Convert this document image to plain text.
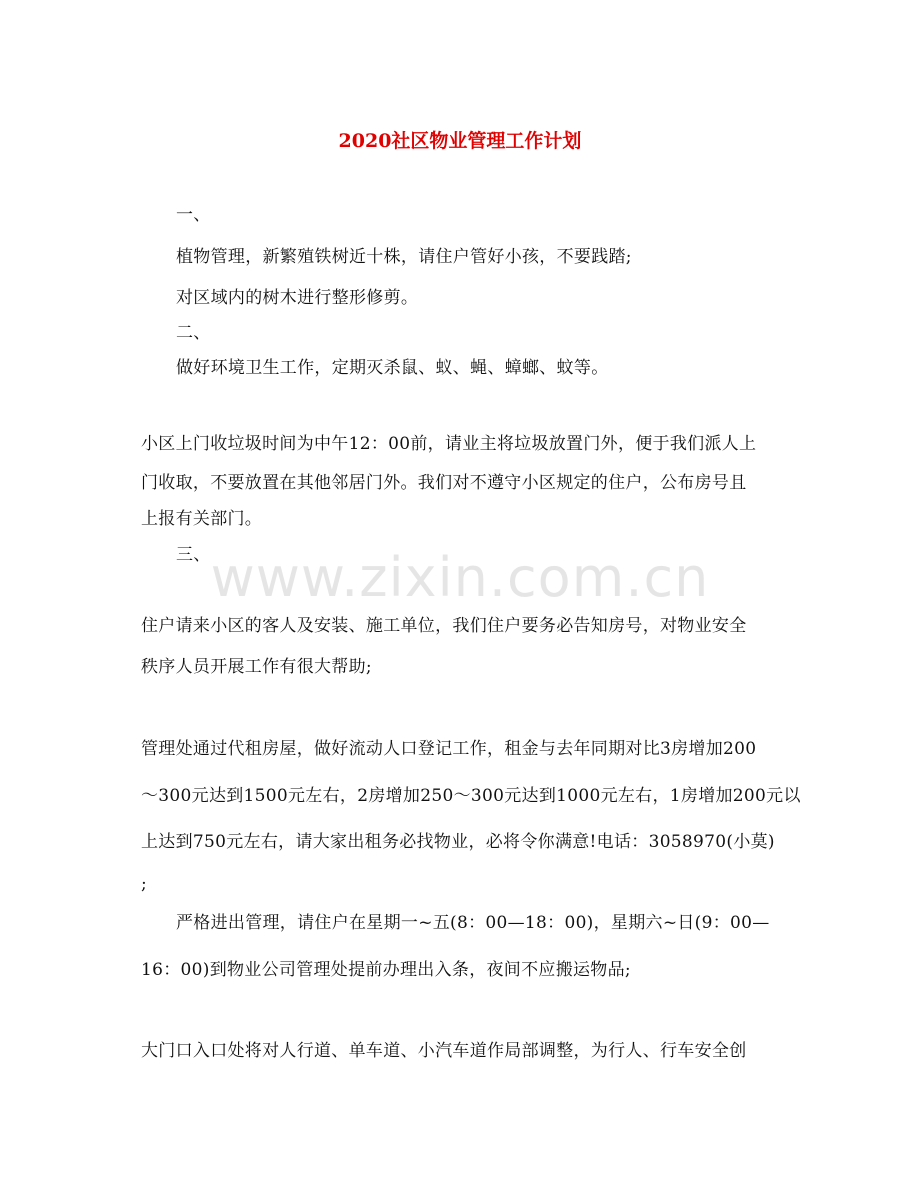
2020社区物业管理工作计划
一、
植物管理，新繁殖铁树近十株，请住户管好小孩，不要践踏;
对区域内的树木进行整形修剪。
二、
做好环境卫生工作，定期灭杀鼠、蚁、蝇、蟑螂、蚊等。
小区上门收垃圾时间为中午12：00前，请业主将垃圾放置门外，便于我们派人上
门收取，不要放置在其他邻居门外。我们对不遵守小区规定的住户，公布房号且
上报有关部门。
三、
住户请来小区的客人及安装、施工单位，我们住户要务必告知房号，对物业安全
秩序人员开展工作有很大帮助;
管理处通过代租房屋，做好流动人口登记工作，租金与去年同期对比3房增加200
～300元达到1500元左右，2房增加250～300元达到1000元左右，1房增加200元以
上达到750元左右，请大家出租务必找物业，必将令你满意!电话：3058970(小莫)
;
严格进出管理，请住户在星期一~五(8：00—18：00)，星期六~日(9：00—
16：00)到物业公司管理处提前办理出入条，夜间不应搬运物品;
大门口入口处将对人行道、单车道、小汽车道作局部调整，为行人、行车安全创
www.zixin.com.cn
